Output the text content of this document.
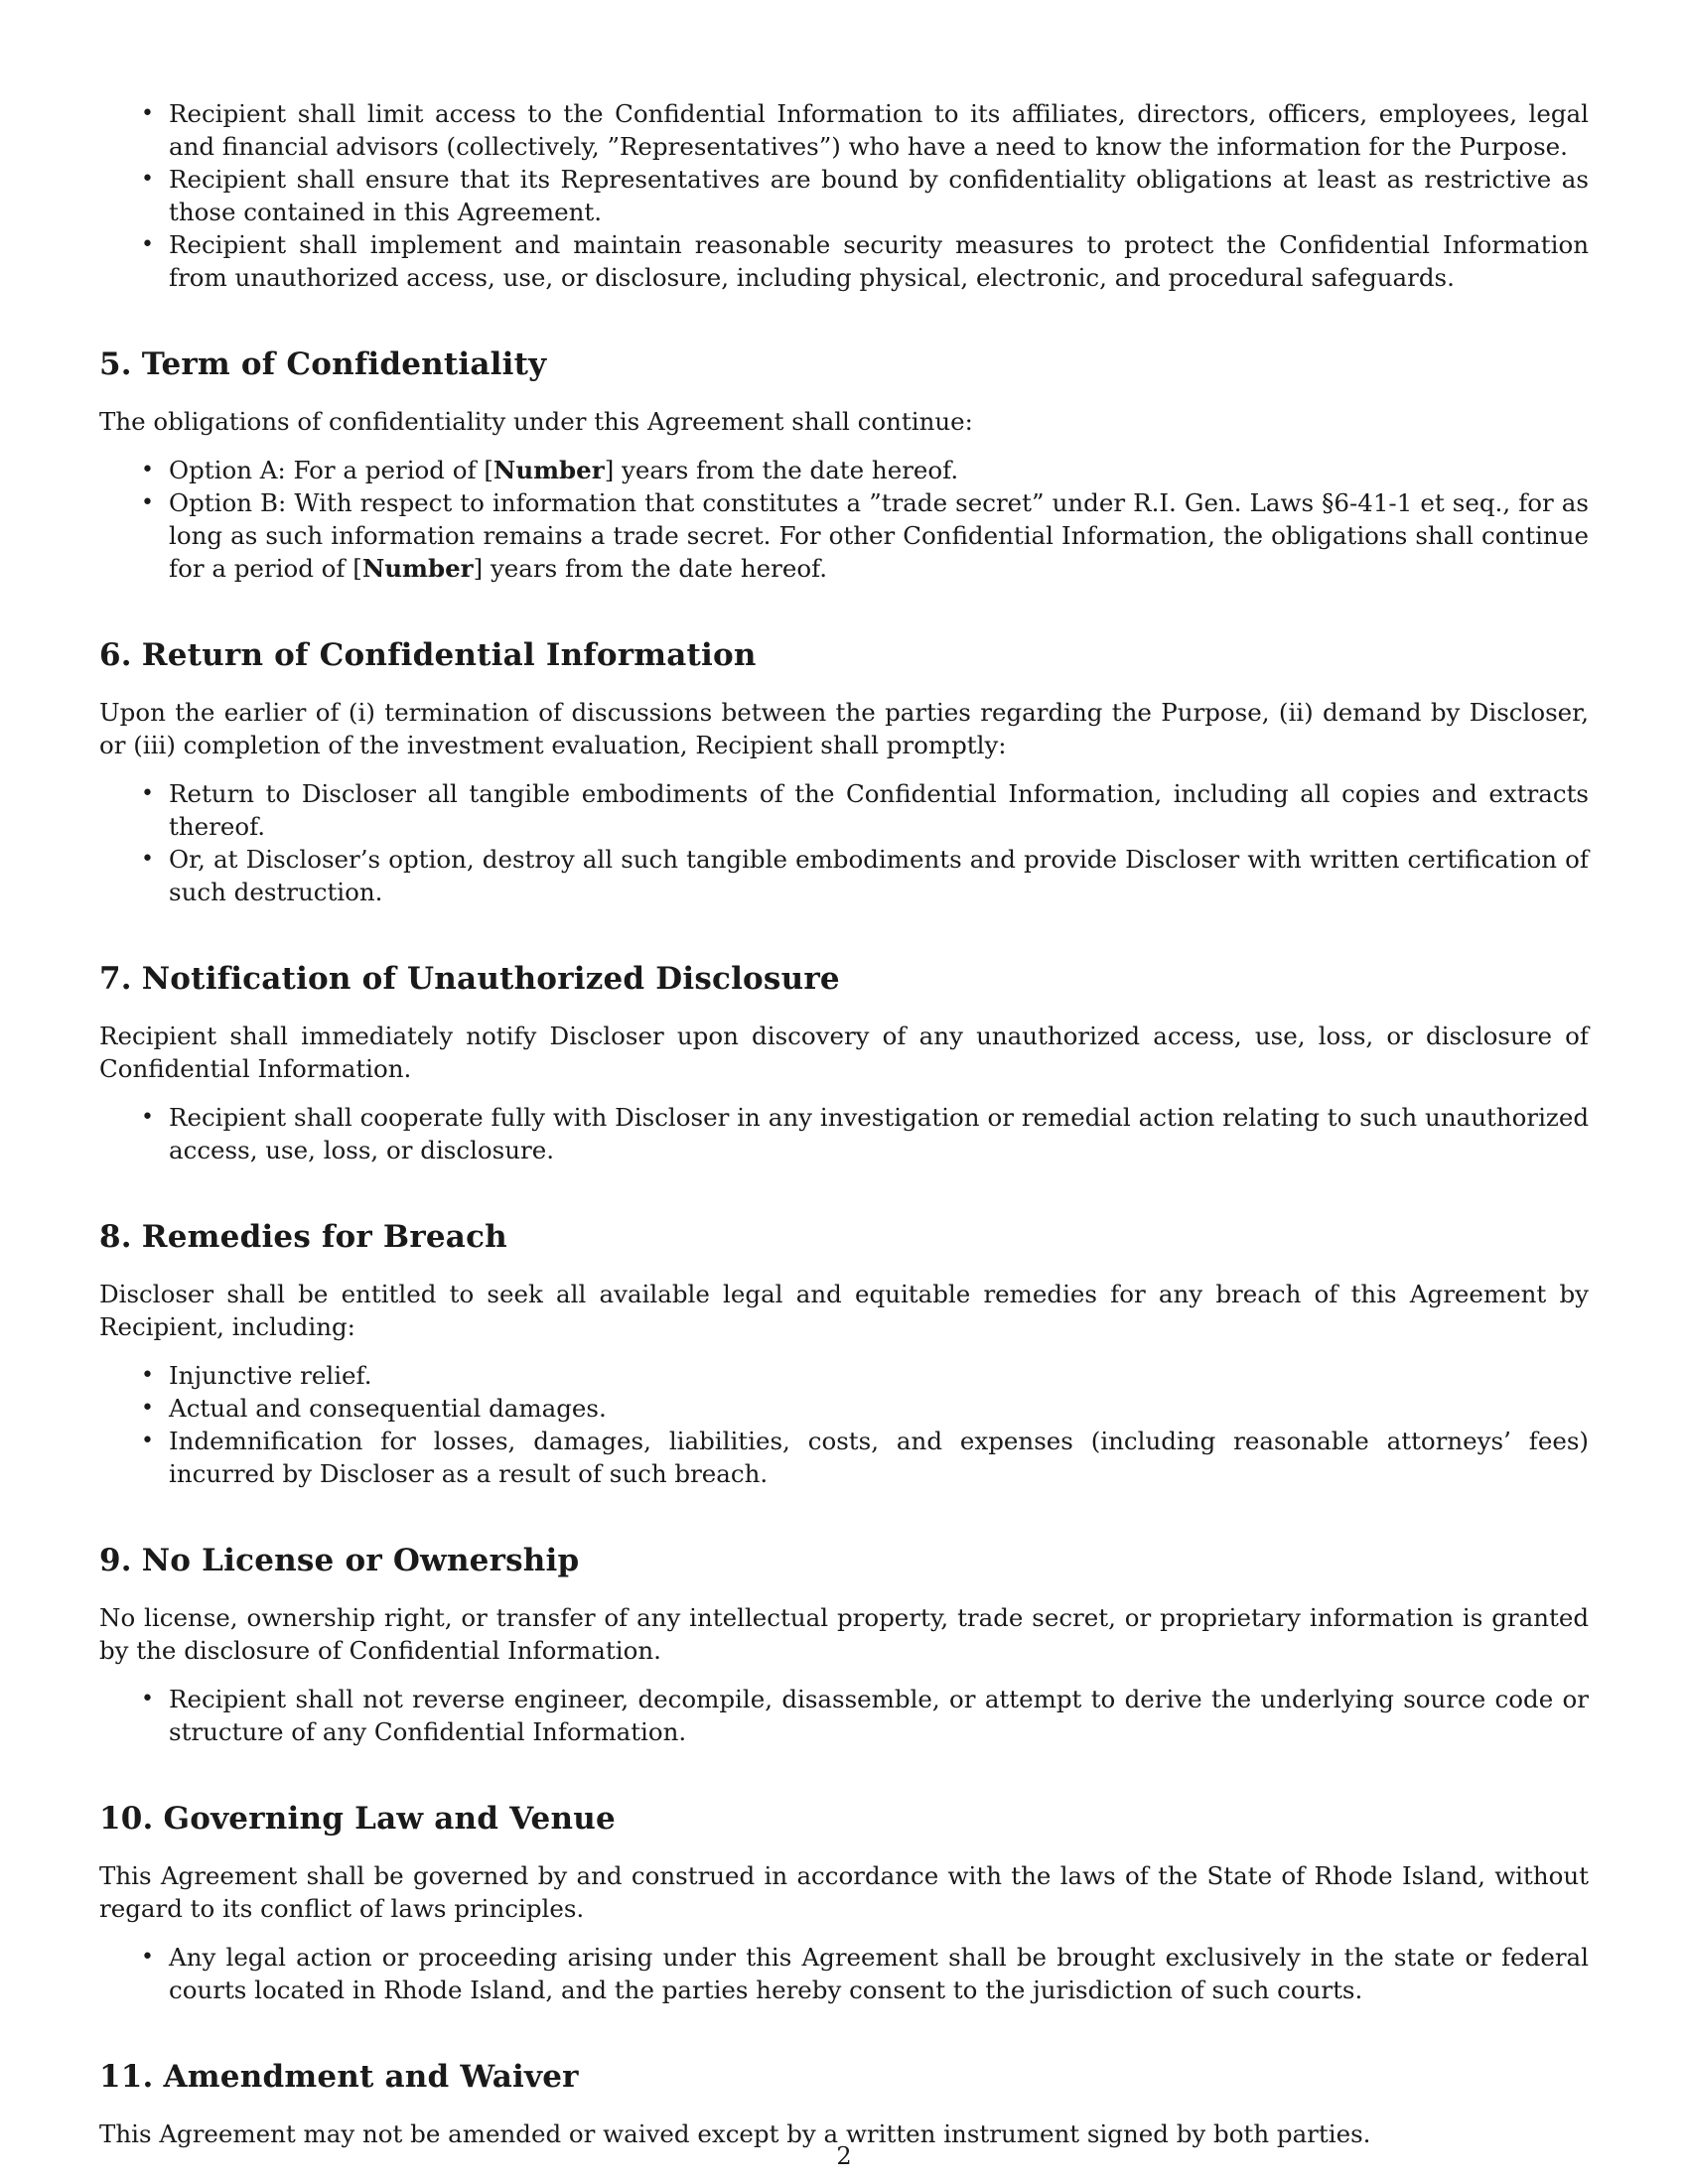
• Recipient shall limit access to the Confidential Information to its affiliates, directors, officers, employees, legal and financial advisors (collectively, ”Representatives”) who have a need to know the information for the Purpose.
• Recipient shall ensure that its Representatives are bound by confidentiality obligations at least as restrictive as those contained in this Agreement.
• Recipient shall implement and maintain reasonable security measures to protect the Confidential Information from unauthorized access, use, or disclosure, including physical, electronic, and procedural safeguards.
5. Term of Confidentiality

The obligations of confidentiality under this Agreement shall continue:

• Option A: For a period of [Number] years from the date hereof.
• Option B: With respect to information that constitutes a ”trade secret” under R.I. Gen. Laws §6-41-1 et seq., for as long as such information remains a trade secret. For other Confidential Information, the obligations shall continue for a period of [Number] years from the date hereof.
6. Return of Confidential Information

Upon the earlier of (i) termination of discussions between the parties regarding the Purpose, (ii) demand by Discloser, or (iii) completion of the investment evaluation, Recipient shall promptly:

• Return to Discloser all tangible embodiments of the Confidential Information, including all copies and extracts thereof.
• Or, at Discloser’s option, destroy all such tangible embodiments and provide Discloser with written certification of such destruction.
7. Notification of Unauthorized Disclosure

Recipient shall immediately notify Discloser upon discovery of any unauthorized access, use, loss, or disclosure of Confidential Information.

• Recipient shall cooperate fully with Discloser in any investigation or remedial action relating to such unauthorized access, use, loss, or disclosure.
8. Remedies for Breach

Discloser shall be entitled to seek all available legal and equitable remedies for any breach of this Agreement by Recipient, including:

• Injunctive relief.
• Actual and consequential damages.
• Indemnification for losses, damages, liabilities, costs, and expenses (including reasonable attorneys’ fees) incurred by Discloser as a result of such breach.
9. No License or Ownership

No license, ownership right, or transfer of any intellectual property, trade secret, or proprietary information is granted by the disclosure of Confidential Information.

• Recipient shall not reverse engineer, decompile, disassemble, or attempt to derive the underlying source code or structure of any Confidential Information.
10. Governing Law and Venue

This Agreement shall be governed by and construed in accordance with the laws of the State of Rhode Island, without regard to its conflict of laws principles.

• Any legal action or proceeding arising under this Agreement shall be brought exclusively in the state or federal courts located in Rhode Island, and the parties hereby consent to the jurisdiction of such courts.
11. Amendment and Waiver

This Agreement may not be amended or waived except by a written instrument signed by both parties.

2
